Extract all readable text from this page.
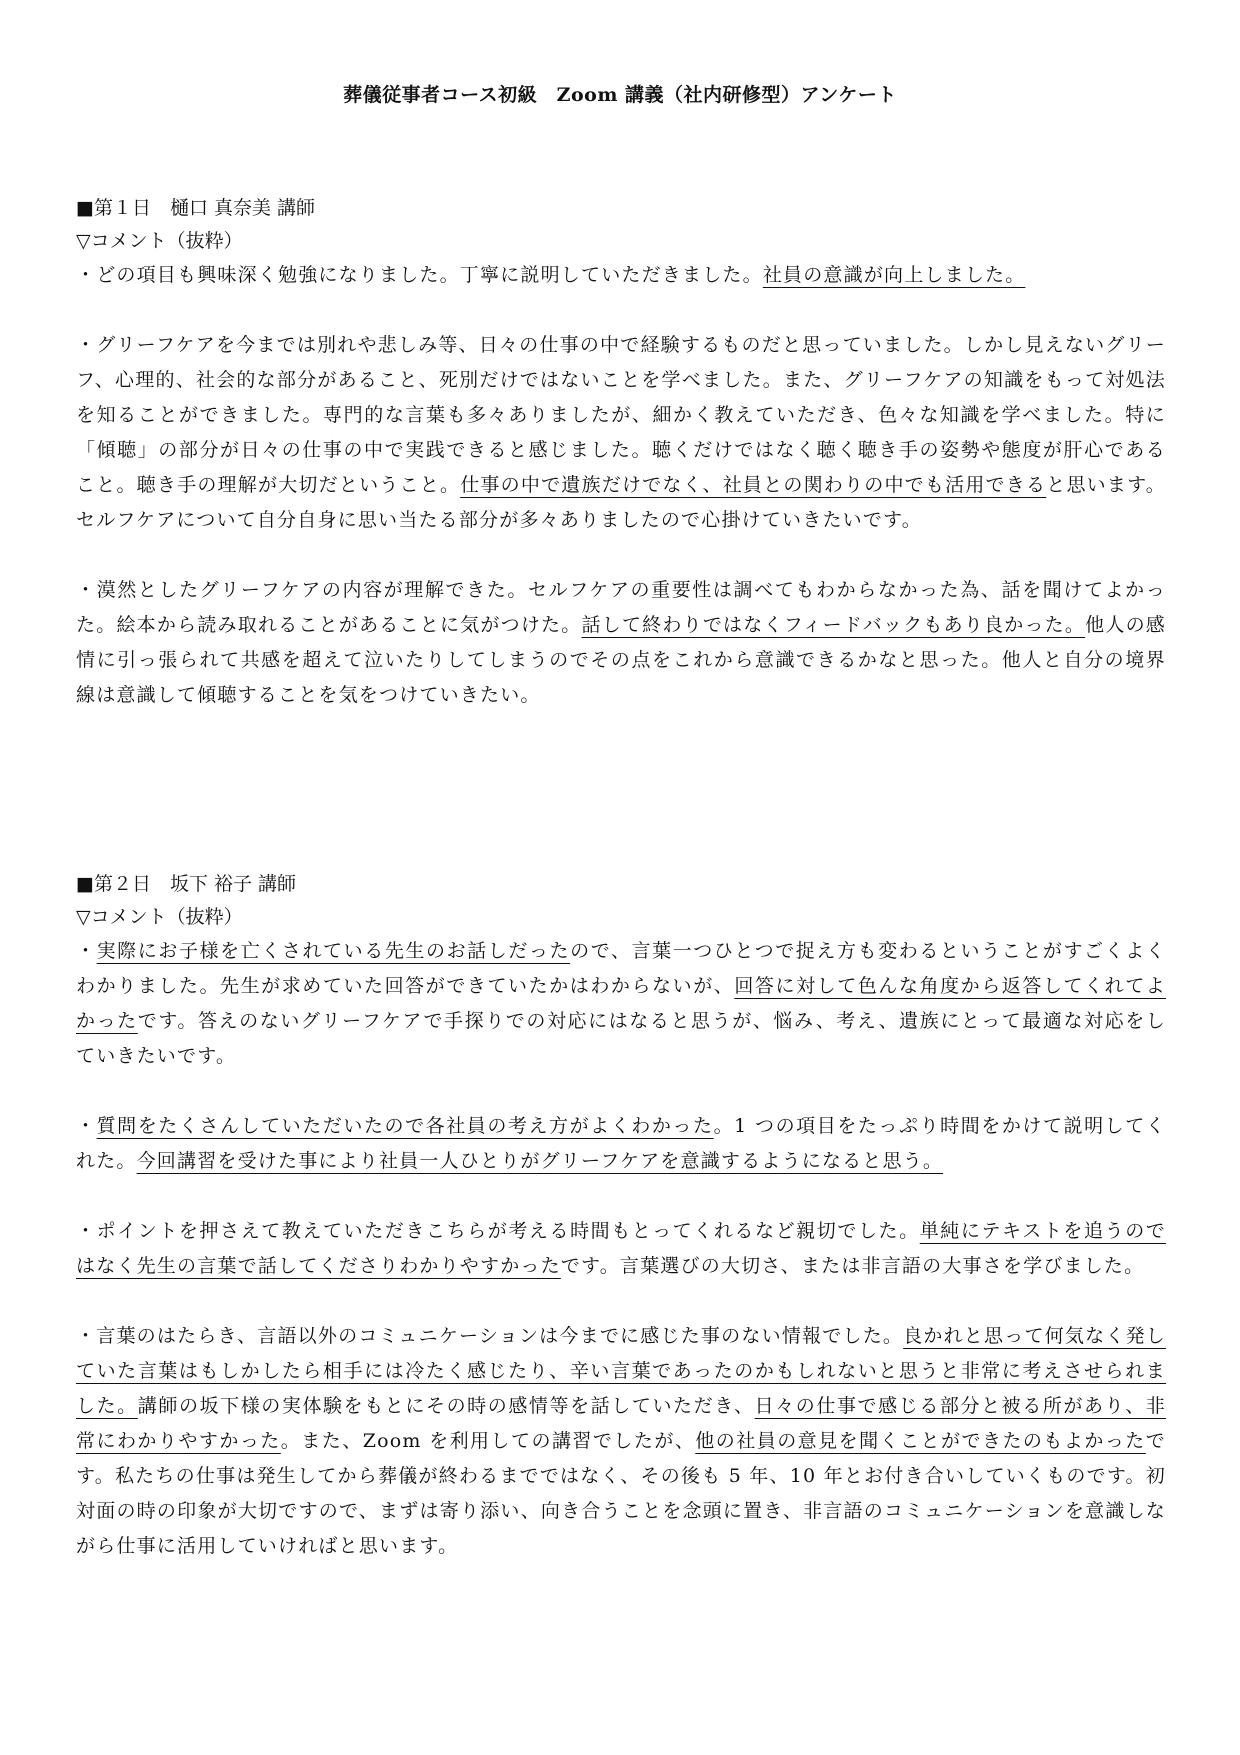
葬儀従事者コース初級　Zoom 講義（社内研修型）アンケート

■第１日　樋口 真奈美 講師

▽コメント（抜粋）

・どの項目も興味深く勉強になりました。丁寧に説明していただきました。社員の意識が向上しました。

・グリーフケアを今までは別れや悲しみ等、日々の仕事の中で経験するものだと思っていました。しかし見えないグリーフ、心理的、社会的な部分があること、死別だけではないことを学べました。また、グリーフケアの知識をもって対処法を知ることができました。専門的な言葉も多々ありましたが、細かく教えていただき、色々な知識を学べました。特に「傾聴」の部分が日々の仕事の中で実践できると感じました。聴くだけではなく聴く聴き手の姿勢や態度が肝心であること。聴き手の理解が大切だということ。仕事の中で遺族だけでなく、社員との関わりの中でも活用できると思います。セルフケアについて自分自身に思い当たる部分が多々ありましたので心掛けていきたいです。

・漠然としたグリーフケアの内容が理解できた。セルフケアの重要性は調べてもわからなかった為、話を聞けてよかった。絵本から読み取れることがあることに気がつけた。話して終わりではなくフィードバックもあり良かった。他人の感情に引っ張られて共感を超えて泣いたりしてしまうのでその点をこれから意識できるかなと思った。他人と自分の境界線は意識して傾聴することを気をつけていきたい。

■第２日　坂下 裕子 講師

▽コメント（抜粋）

・実際にお子様を亡くされている先生のお話しだったので、言葉一つひとつで捉え方も変わるということがすごくよくわかりました。先生が求めていた回答ができていたかはわからないが、回答に対して色んな角度から返答してくれてよかったです。答えのないグリーフケアで手探りでの対応にはなると思うが、悩み、考え、遺族にとって最適な対応をしていきたいです。

・質問をたくさんしていただいたので各社員の考え方がよくわかった。1 つの項目をたっぷり時間をかけて説明してくれた。今回講習を受けた事により社員一人ひとりがグリーフケアを意識するようになると思う。

・ポイントを押さえて教えていただきこちらが考える時間もとってくれるなど親切でした。単純にテキストを追うのではなく先生の言葉で話してくださりわかりやすかったです。言葉選びの大切さ、または非言語の大事さを学びました。

・言葉のはたらき、言語以外のコミュニケーションは今までに感じた事のない情報でした。良かれと思って何気なく発していた言葉はもしかしたら相手には冷たく感じたり、辛い言葉であったのかもしれないと思うと非常に考えさせられました。講師の坂下様の実体験をもとにその時の感情等を話していただき、日々の仕事で感じる部分と被る所があり、非常にわかりやすかった。また、Zoom を利用しての講習でしたが、他の社員の意見を聞くことができたのもよかったです。私たちの仕事は発生してから葬儀が終わるまでではなく、その後も 5 年、10 年とお付き合いしていくものです。初対面の時の印象が大切ですので、まずは寄り添い、向き合うことを念頭に置き、非言語のコミュニケーションを意識しながら仕事に活用していければと思います。
